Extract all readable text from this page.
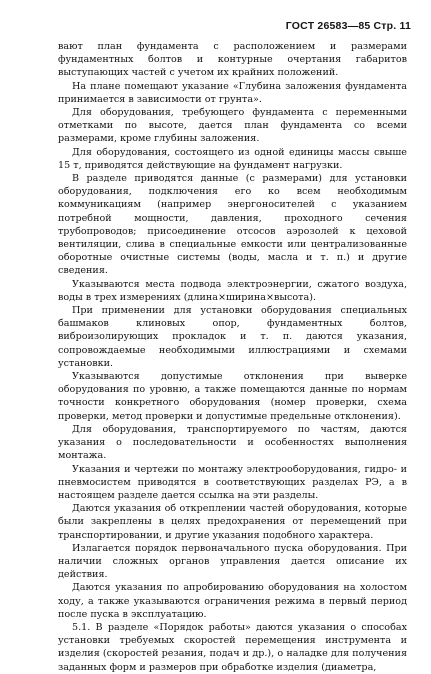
ГОСТ 26583—85 Стр. 11

вают план фундамента с расположением и размерами фундаментных болтов и контурные очертания габаритов выступающих частей с учетом их крайних положений.

На плане помещают указание «Глубина заложения фундамента принимается в зависимости от грунта».

Для оборудования, требующего фундамента с переменными отметками по высоте, дается план фундамента со всеми размерами, кроме глубины заложения.

Для оборудования, состоящего из одной единицы массы свыше 15 т, приводятся действующие на фундамент нагрузки.

В разделе приводятся данные (с размерами) для установки оборудования, подключения его ко всем необходимым коммуникациям (например энергоносителей с указанием потребной мощности, давления, проходного сечения трубопроводов; присоединение отсосов аэрозолей к цеховой вентиляции, слива в специальные емкости или централизованные оборотные очистные системы (воды, масла и т. п.) и другие сведения.

Указываются места подвода электроэнергии, сжатого воздуха, воды в трех измерениях (длина×ширина×высота).

При применении для установки оборудования специальных башмаков клиновых опор, фундаментных болтов, виброизолирующих прокладок и т. п. даются указания, сопровождаемые необходимыми иллюстрациями и схемами установки.

Указываются допустимые отклонения при выверке оборудования по уровню, а также помещаются данные по нормам точности конкретного оборудования (номер проверки, схема проверки, метод проверки и допустимые предельные отклонения).

Для оборудования, транспортируемого по частям, даются указания о последовательности и особенностях выполнения монтажа.

Указания и чертежи по монтажу электрооборудования, гидро- и пневмосистем приводятся в соответствующих разделах РЭ, а в настоящем разделе дается ссылка на эти разделы.

Даются указания об откреплении частей оборудования, которые были закреплены в целях предохранения от перемещений при транспортировании, и другие указания подобного характера.

Излагается порядок первоначального пуска оборудования. При наличии сложных органов управления дается описание их действия.

Даются указания по апробированию оборудования на холостом ходу, а также указываются ограничения режима в первый период после пуска в эксплуатацию.

5.1. В разделе «Порядок работы» даются указания о способах установки требуемых скоростей перемещения инструмента и изделия (скоростей резания, подач и др.), о наладке для получения заданных форм и размеров при обработке изделия (диаметра,
